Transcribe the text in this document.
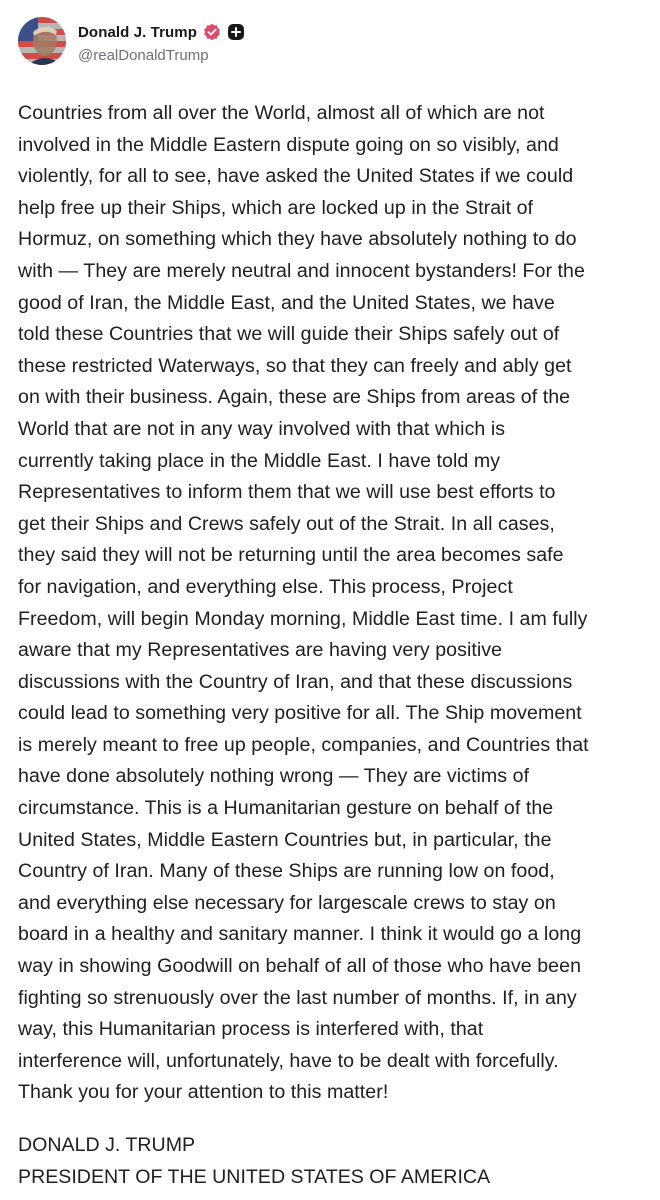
Donald J. Trump
@realDonaldTrump
Countries from all over the World, almost all of which are not
involved in the Middle Eastern dispute going on so visibly, and
violently, for all to see, have asked the United States if we could
help free up their Ships, which are locked up in the Strait of
Hormuz, on something which they have absolutely nothing to do
with — They are merely neutral and innocent bystanders! For the
good of Iran, the Middle East, and the United States, we have
told these Countries that we will guide their Ships safely out of
these restricted Waterways, so that they can freely and ably get
on with their business. Again, these are Ships from areas of the
World that are not in any way involved with that which is
currently taking place in the Middle East. I have told my
Representatives to inform them that we will use best efforts to
get their Ships and Crews safely out of the Strait. In all cases,
they said they will not be returning until the area becomes safe
for navigation, and everything else. This process, Project
Freedom, will begin Monday morning, Middle East time. I am fully
aware that my Representatives are having very positive
discussions with the Country of Iran, and that these discussions
could lead to something very positive for all. The Ship movement
is merely meant to free up people, companies, and Countries that
have done absolutely nothing wrong — They are victims of
circumstance. This is a Humanitarian gesture on behalf of the
United States, Middle Eastern Countries but, in particular, the
Country of Iran. Many of these Ships are running low on food,
and everything else necessary for largescale crews to stay on
board in a healthy and sanitary manner. I think it would go a long
way in showing Goodwill on behalf of all of those who have been
fighting so strenuously over the last number of months. If, in any
way, this Humanitarian process is interfered with, that
interference will, unfortunately, have to be dealt with forcefully.
Thank you for your attention to this matter!
DONALD J. TRUMP
PRESIDENT OF THE UNITED STATES OF AMERICA
